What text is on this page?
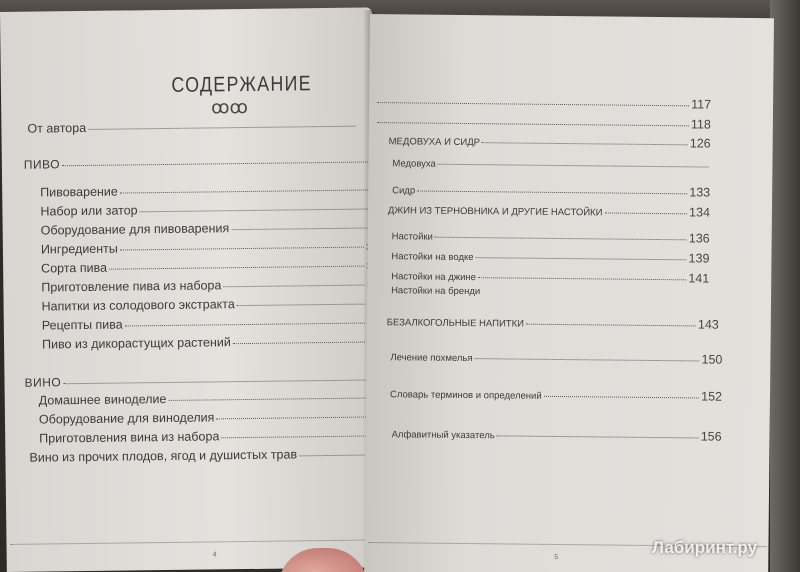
СОДЕРЖАНИЕ
ꝏꝏ
От автора
ПИВО
Пивоварение
Набор или затор
Оборудование для пивоварения
Ингредиенты
Сорта пива
Приготовление пива из набора
Напитки из солодового экстракта
Рецепты пива
Пиво из дикорастущих растений
ВИНО
Домашнее виноделие
Оборудование для виноделия
Приготовления вина из набора
Вино из прочих плодов, ягод и душистых трав
4
117
118
МЕДОВУХА И СИДР	126
Медовуха
Сидр	133
ДЖИН ИЗ ТЕРНОВНИКА И ДРУГИЕ НАСТОЙКИ	134
Настойки	136
Настойки на водке	139
Настойки на джине	141
Настойки на бренди
БЕЗАЛКОГОЛЬНЫЕ НАПИТКИ	143
Лечение похмелья	150
Словарь терминов и определений	152
Алфавитный указатель	156
5
Лабиринт.ру
